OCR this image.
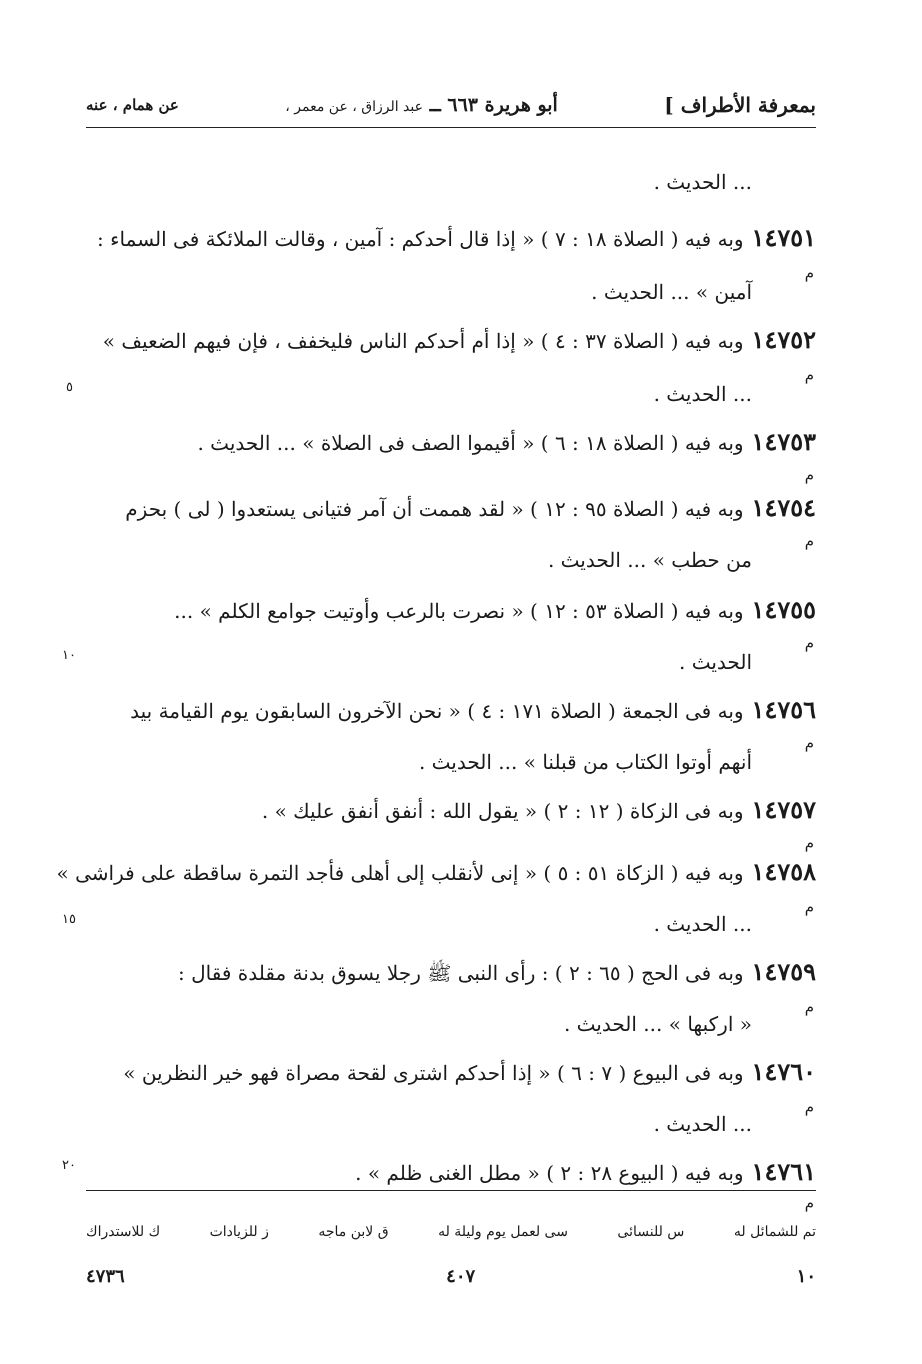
بمعرفة الأطراف ]
أبو هريرة ٦٦٣ ــ عبد الرزاق ، عن معمر ،
عن همام ، عنه
... الحديث .
١٤٧٥١وبه فيه ( الصلاة ١٨ : ٧ ) « إذا قال أحدكم : آمين ، وقالت الملائكة فى السماء :
م
آمين » ... الحديث .
١٤٧٥٢وبه فيه ( الصلاة ٣٧ : ٤ ) « إذا أم أحدكم الناس فليخفف ، فإن فيهم الضعيف »
م
... الحديث .
١٤٧٥٣وبه فيه ( الصلاة ١٨ : ٦ ) « أقيموا الصف فى الصلاة » ... الحديث .
م
١٤٧٥٤وبه فيه ( الصلاة ٩٥ : ١٢ ) « لقد هممت أن آمر فتيانى يستعدوا ( لى ) بحزم
م
من حطب » ... الحديث .
١٤٧٥٥وبه فيه ( الصلاة ٥٣ : ١٢ ) « نصرت بالرعب وأوتيت جوامع الكلم » ...
م
الحديث .
١٤٧٥٦وبه فى الجمعة ( الصلاة ١٧١ : ٤ ) « نحن الآخرون السابقون يوم القيامة بيد
م
أنهم أوتوا الكتاب من قبلنا » ... الحديث .
١٤٧٥٧وبه فى الزكاة ( ١٢ : ٢ ) « يقول الله : أنفق أنفق عليك » .
م
١٤٧٥٨وبه فيه ( الزكاة ٥١ : ٥ ) « إنى لأنقلب إلى أهلى فأجد التمرة ساقطة على فراشى »
م
... الحديث .
١٤٧٥٩وبه فى الحج ( ٦٥ : ٢ ) : رأى النبى ﷺ رجلا يسوق بدنة مقلدة فقال :
م
« اركبها » ... الحديث .
١٤٧٦٠وبه فى البيوع ( ٧ : ٦ ) « إذا أحدكم اشترى لقحة مصراة فهو خير النظرين »
م
... الحديث .
١٤٧٦١وبه فيه ( البيوع ٢٨ : ٢ ) « مطل الغنى ظلم » .
م
٥
١٠
١٥
٢٠
تم للشمائل له
س للنسائى
سى لعمل يوم وليلة له
ق لابن ماجه
ز للزيادات
ك للاستدراك
١٠
٤٠٧
٤٧٣٦
